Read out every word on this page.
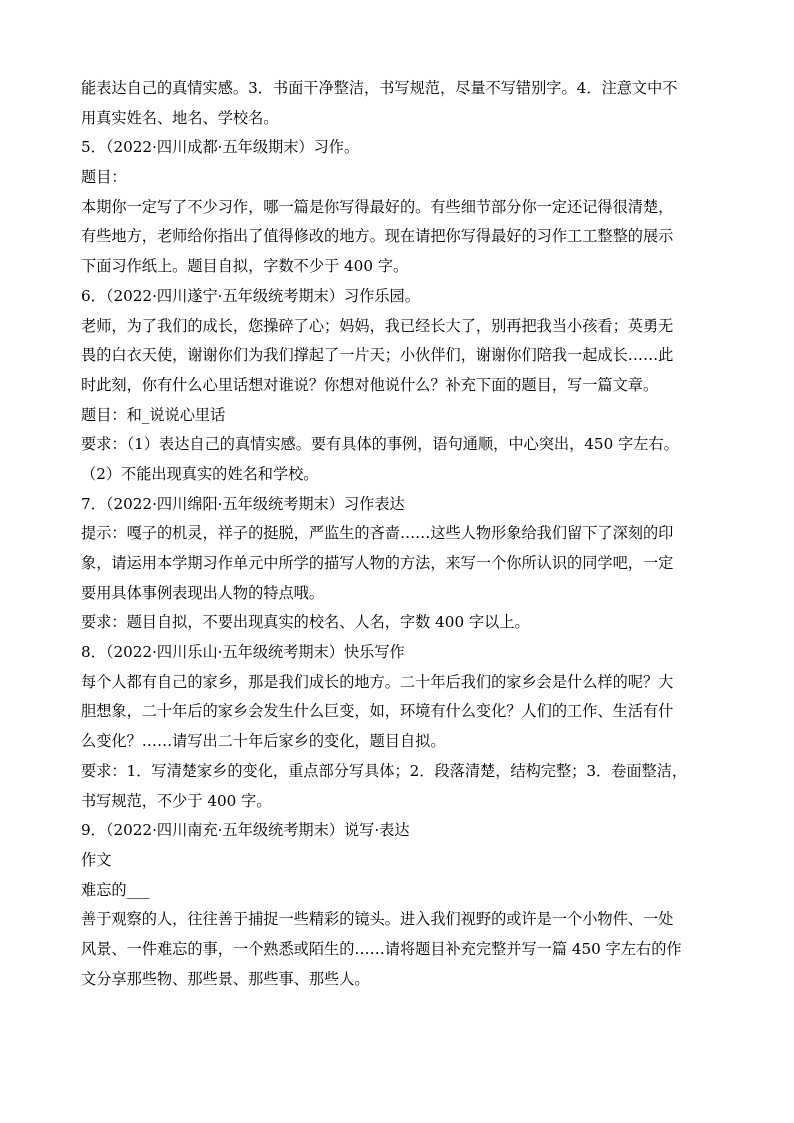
能表达自己的真情实感。3．书面干净整洁，书写规范，尽量不写错别字。4．注意文中不
用真实姓名、地名、学校名。
5．（2022·四川成都·五年级期末）习作。
题目：
本期你一定写了不少习作，哪一篇是你写得最好的。有些细节部分你一定还记得很清楚，
有些地方，老师给你指出了值得修改的地方。现在请把你写得最好的习作工工整整的展示
下面习作纸上。题目自拟，字数不少于 400 字。
6．（2022·四川遂宁·五年级统考期末）习作乐园。
老师，为了我们的成长，您操碎了心；妈妈，我已经长大了，别再把我当小孩看；英勇无
畏的白衣天使，谢谢你们为我们撑起了一片天；小伙伴们，谢谢你们陪我一起成长……此
时此刻，你有什么心里话想对谁说？你想对他说什么？补充下面的题目，写一篇文章。
题目：和_说说心里话
要求：（1）表达自己的真情实感。要有具体的事例，语句通顺，中心突出，450 字左右。
（2）不能出现真实的姓名和学校。
7．（2022·四川绵阳·五年级统考期末）习作表达
提示：嘎子的机灵，祥子的挺脱，严监生的吝啬……这些人物形象给我们留下了深刻的印
象，请运用本学期习作单元中所学的描写人物的方法，来写一个你所认识的同学吧，一定
要用具体事例表现出人物的特点哦。
要求：题目自拟，不要出现真实的校名、人名，字数 400 字以上。
8．（2022·四川乐山·五年级统考期末）快乐写作
每个人都有自己的家乡，那是我们成长的地方。二十年后我们的家乡会是什么样的呢？大
胆想象，二十年后的家乡会发生什么巨变，如，环境有什么变化？人们的工作、生活有什
么变化？……请写出二十年后家乡的变化，题目自拟。
要求：1．写清楚家乡的变化，重点部分写具体；2．段落清楚，结构完整；3．卷面整洁，
书写规范，不少于 400 字。
9．（2022·四川南充·五年级统考期末）说写·表达
作文
难忘的___
善于观察的人，往往善于捕捉一些精彩的镜头。进入我们视野的或许是一个小物件、一处
风景、一件难忘的事，一个熟悉或陌生的……请将题目补充完整并写一篇 450 字左右的作
文分享那些物、那些景、那些事、那些人。
